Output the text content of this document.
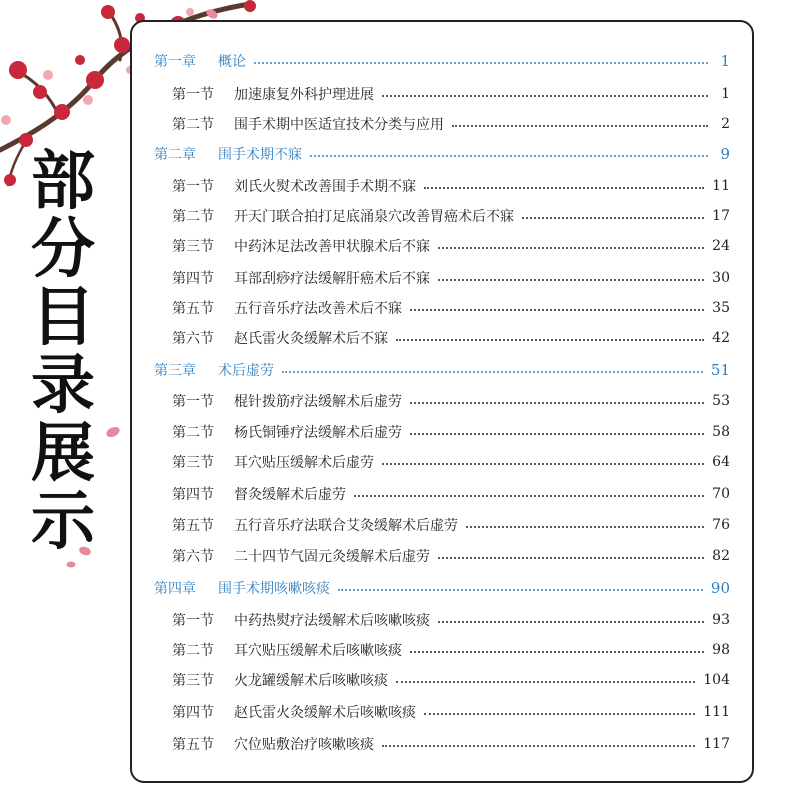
部
分
目
录
展
示
第一章	概论	1
第一节	加速康复外科护理进展	1
第二节	围手术期中医适宜技术分类与应用	2
第二章	围手术期不寐	9
第一节	刘氏火熨术改善围手术期不寐	11
第二节	开天门联合拍打足底涌泉穴改善胃癌术后不寐	17
第三节	中药沐足法改善甲状腺术后不寐	24
第四节	耳部刮痧疗法缓解肝癌术后不寐	30
第五节	五行音乐疗法改善术后不寐	35
第六节	赵氏雷火灸缓解术后不寐	42
第三章	术后虚劳	51
第一节	棍针拨筋疗法缓解术后虚劳	53
第二节	杨氏铜锤疗法缓解术后虚劳	58
第三节	耳穴贴压缓解术后虚劳	64
第四节	督灸缓解术后虚劳	70
第五节	五行音乐疗法联合艾灸缓解术后虚劳	76
第六节	二十四节气固元灸缓解术后虚劳	82
第四章	围手术期咳嗽咳痰	90
第一节	中药热熨疗法缓解术后咳嗽咳痰	93
第二节	耳穴贴压缓解术后咳嗽咳痰	98
第三节	火龙罐缓解术后咳嗽咳痰	104
第四节	赵氏雷火灸缓解术后咳嗽咳痰	111
第五节	穴位贴敷治疗咳嗽咳痰	117
